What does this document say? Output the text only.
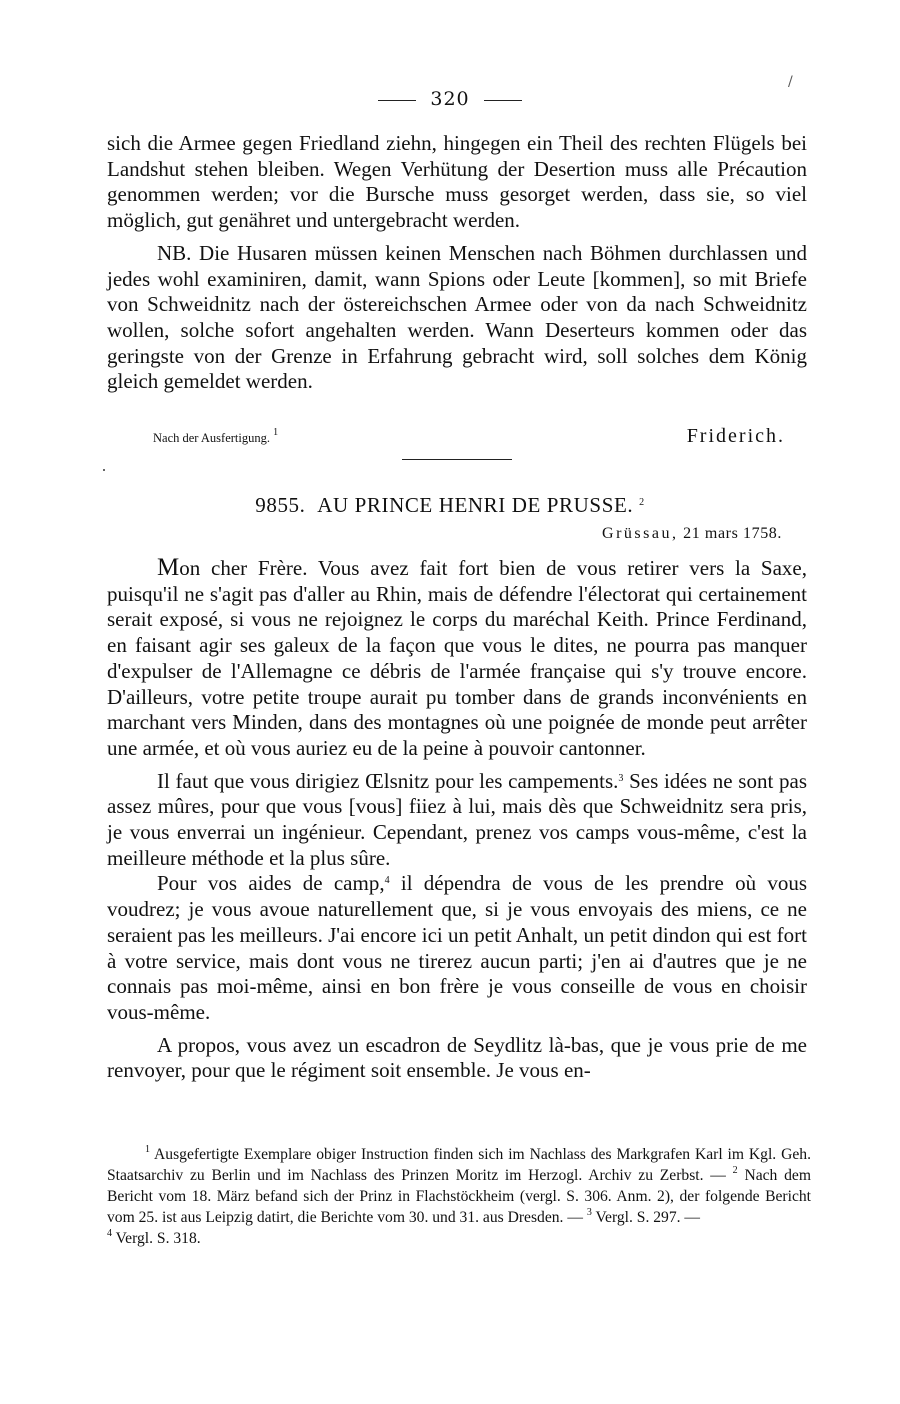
320
/

sich die Armee gegen Friedland ziehn, hingegen ein Theil des rechten Flügels bei Landshut stehen bleiben. Wegen Verhütung der Desertion muss alle Précaution genommen werden; vor die Bursche muss gesorget werden, dass sie, so viel möglich, gut genähret und untergebracht werden.

NB. Die Husaren müssen keinen Menschen nach Böhmen durchlassen und jedes wohl examiniren, damit, wann Spions oder Leute [kommen], so mit Briefe von Schweidnitz nach der östereichschen Armee oder von da nach Schweidnitz wollen, solche sofort angehalten werden. Wann Deserteurs kommen oder das geringste von der Grenze in Erfahrung gebracht wird, soll solches dem König gleich gemeldet werden.

Nach der Ausfertigung. $^1$	Friderich.
9855. AU PRINCE HENRI DE PRUSSE. $^2$
Grüssau, 21 mars 1758.

Mon cher Frère. Vous avez fait fort bien de vous retirer vers la Saxe, puisqu'il ne s'agit pas d'aller au Rhin, mais de défendre l'électorat qui certainement serait exposé, si vous ne rejoignez le corps du maréchal Keith. Prince Ferdinand, en faisant agir ses galeux de la façon que vous le dites, ne pourra pas manquer d'expulser de l'Allemagne ce débris de l'armée française qui s'y trouve encore. D'ailleurs, votre petite troupe aurait pu tomber dans de grands inconvénients en marchant vers Minden, dans des montagnes où une poignée de monde peut arrêter une armée, et où vous auriez eu de la peine à pouvoir cantonner.

Il faut que vous dirigiez Œlsnitz pour les campements.$^3$ Ses idées ne sont pas assez mûres, pour que vous [vous] fiiez à lui, mais dès que Schweidnitz sera pris, je vous enverrai un ingénieur. Cependant, prenez vos camps vous-même, c'est la meilleure méthode et la plus sûre.

Pour vos aides de camp,$^4$ il dépendra de vous de les prendre où vous voudrez; je vous avoue naturellement que, si je vous envoyais des miens, ce ne seraient pas les meilleurs. J'ai encore ici un petit Anhalt, un petit dindon qui est fort à votre service, mais dont vous ne tirerez aucun parti; j'en ai d'autres que je ne connais pas moi-même, ainsi en bon frère je vous conseille de vous en choisir vous-même.

A propos, vous avez un escadron de Seydlitz là-bas, que je vous prie de me renvoyer, pour que le régiment soit ensemble. Je vous en-

$^1$ Ausgefertigte Exemplare obiger Instruction finden sich im Nachlass des Markgrafen Karl im Kgl. Geh. Staatsarchiv zu Berlin und im Nachlass des Prinzen Moritz im Herzogl. Archiv zu Zerbst. — $^2$ Nach dem Bericht vom 18. März befand sich der Prinz in Flachstöckheim (vergl. S. 306. Anm. 2), der folgende Bericht vom 25. ist aus Leipzig datirt, die Berichte vom 30. und 31. aus Dresden. — $^3$ Vergl. S. 297. —
$^4$ Vergl. S. 318.
